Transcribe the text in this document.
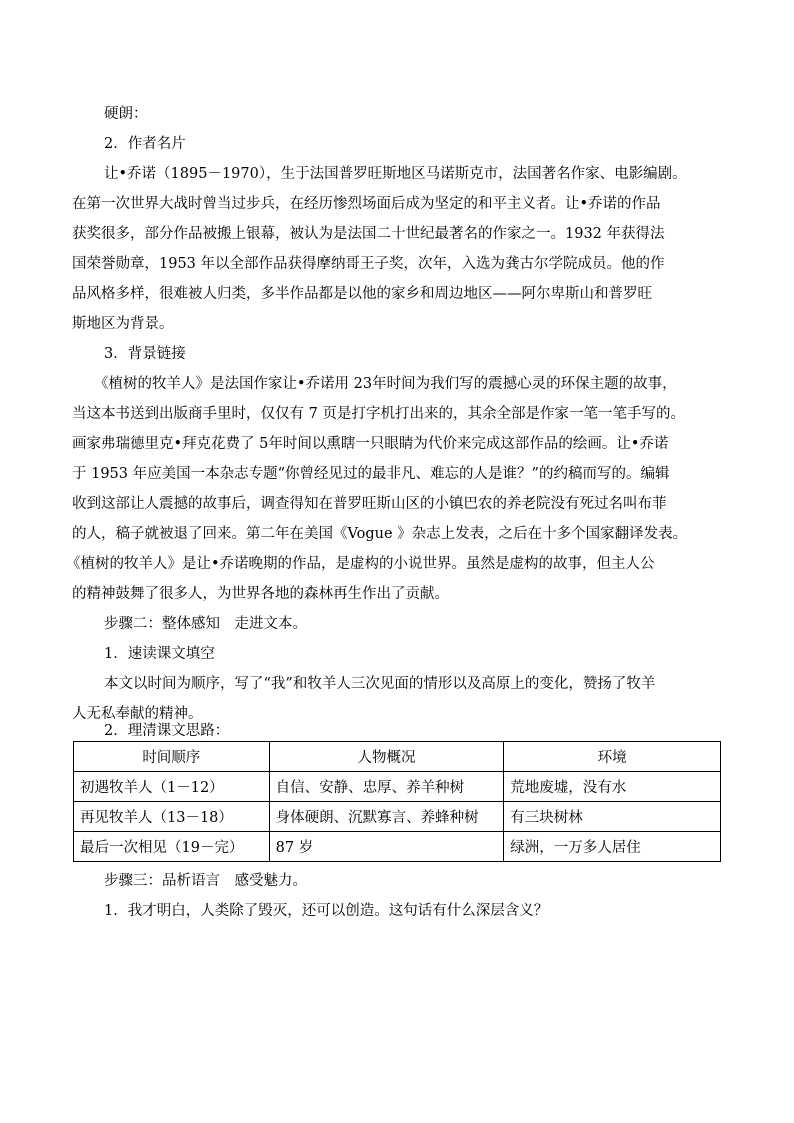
硬朗：
2．作者名片
让•乔诺（1895－1970），生于法国普罗旺斯地区马诺斯克市，法国著名作家、电影编剧。
在第一次世界大战时曾当过步兵，在经历惨烈场面后成为坚定的和平主义者。让•乔诺的作品
获奖很多，部分作品被搬上银幕，被认为是法国二十世纪最著名的作家之一。1932 年获得法
国荣誉勋章，1953 年以全部作品获得摩纳哥王子奖，次年，入选为龚古尔学院成员。他的作
品风格多样，很难被人归类，多半作品都是以他的家乡和周边地区——阿尔卑斯山和普罗旺
斯地区为背景。
3．背景链接
《植树的牧羊人》是法国作家让•乔诺用 23年时间为我们写的震撼心灵的环保主题的故事，
当这本书送到出版商手里时，仅仅有 7 页是打字机打出来的，其余全部是作家一笔一笔手写的。
画家弗瑞德里克•拜克花费了 5年时间以熏瞎一只眼睛为代价来完成这部作品的绘画。让•乔诺
于 1953 年应美国一本杂志专题“你曾经见过的最非凡、难忘的人是谁？”的约稿而写的。编辑
收到这部让人震撼的故事后，调查得知在普罗旺斯山区的小镇巴农的养老院没有死过名叫布菲
的人，稿子就被退了回来。第二年在美国《Vogue 》杂志上发表，之后在十多个国家翻译发表。
《植树的牧羊人》是让•乔诺晚期的作品，是虚构的小说世界。虽然是虚构的故事，但主人公
的精神鼓舞了很多人，为世界各地的森林再生作出了贡献。
步骤二：整体感知　走进文本。
1．速读课文填空
本文以时间为顺序，写了“我”和牧羊人三次见面的情形以及高原上的变化，赞扬了牧羊
人无私奉献的精神。
2．理清课文思路：
时间顺序	人物概况	环境
初遇牧羊人（1－12）	自信、安静、忠厚、养羊种树	荒地废墟，没有水
再见牧羊人（13－18）	身体硬朗、沉默寡言、养蜂种树	有三块树林
最后一次相见（19－完）	87 岁	绿洲，一万多人居住
步骤三：品析语言　感受魅力。
1．我才明白，人类除了毁灭，还可以创造。这句话有什么深层含义？
